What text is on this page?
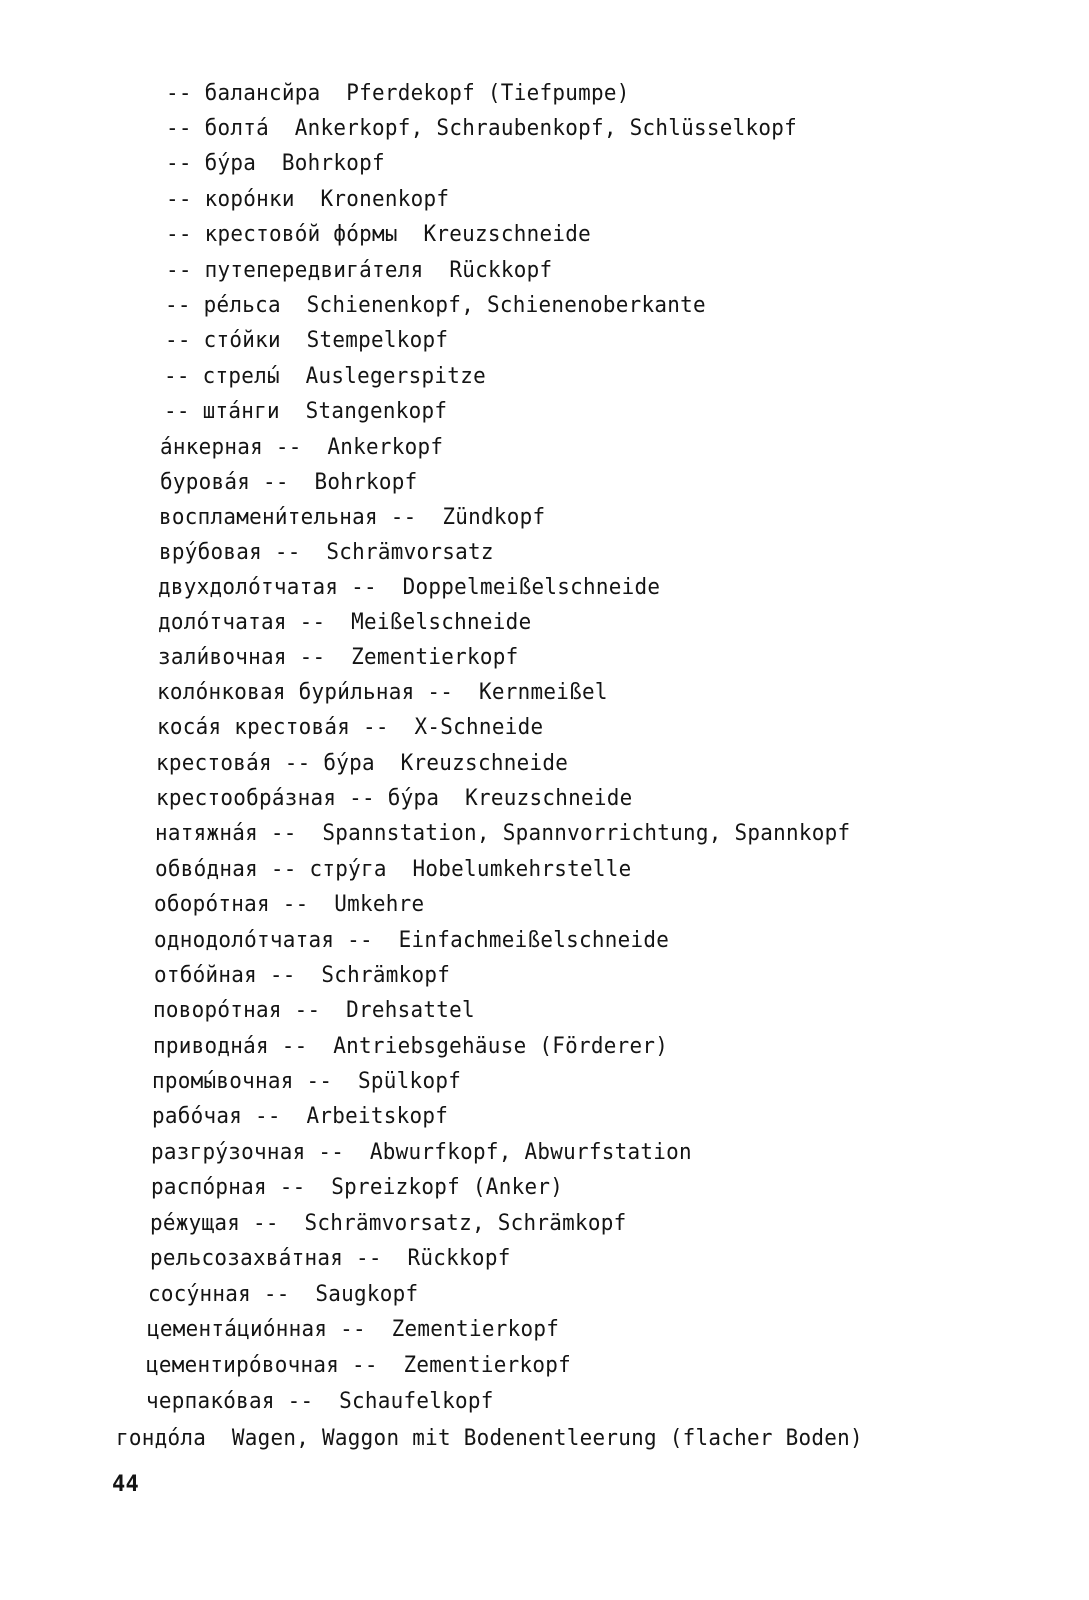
-- балансйра Pferdekopf (Tiefpumpe)
-- болта́ Ankerkopf, Schraubenkopf, Schlüsselkopf
-- бу́ра Bohrkopf
-- коро́нки Kronenkopf
-- крестово́й фо́рмы Kreuzschneide
-- путепередвига́теля Rückkopf
-- ре́льса Schienenkopf, Schienenoberkante
-- сто́йки Stempelkopf
-- стрелы́ Auslegerspitze
-- шта́нги Stangenkopf
а́нкерная -- Ankerkopf
бурова́я -- Bohrkopf
воспламени́тельная -- Zündkopf
вру́бовая -- Schrämvorsatz
двухдоло́тчатая -- Doppelmeißelschneide
доло́тчатая -- Meißelschneide
зали́вочная -- Zementierkopf
коло́нковая бури́льная -- Kernmeißel
коса́я крестова́я -- X-Schneide
крестова́я -- бу́ра Kreuzschneide
крестообра́зная -- бу́ра Kreuzschneide
натяжна́я -- Spannstation, Spannvorrichtung, Spannkopf
обво́дная -- стру́га Hobelumkehrstelle
оборо́тная -- Umkehre
однодоло́тчатая -- Einfachmeißelschneide
отбо́йная -- Schrämkopf
поворо́тная -- Drehsattel
приводна́я -- Antriebsgehäuse (Förderer)
промы́вочная -- Spülkopf
рабо́чая -- Arbeitskopf
разгру́зочная -- Abwurfkopf, Abwurfstation
распо́рная -- Spreizkopf (Anker)
ре́жущая -- Schrämvorsatz, Schrämkopf
рельсозахва́тная -- Rückkopf
сосу́нная -- Saugkopf
цемента́цио́нная -- Zementierkopf
цементиро́вочная -- Zementierkopf
черпако́вая -- Schaufelkopf
гондо́ла Wagen, Waggon mit Bodenentleerung (flacher Boden)
44
